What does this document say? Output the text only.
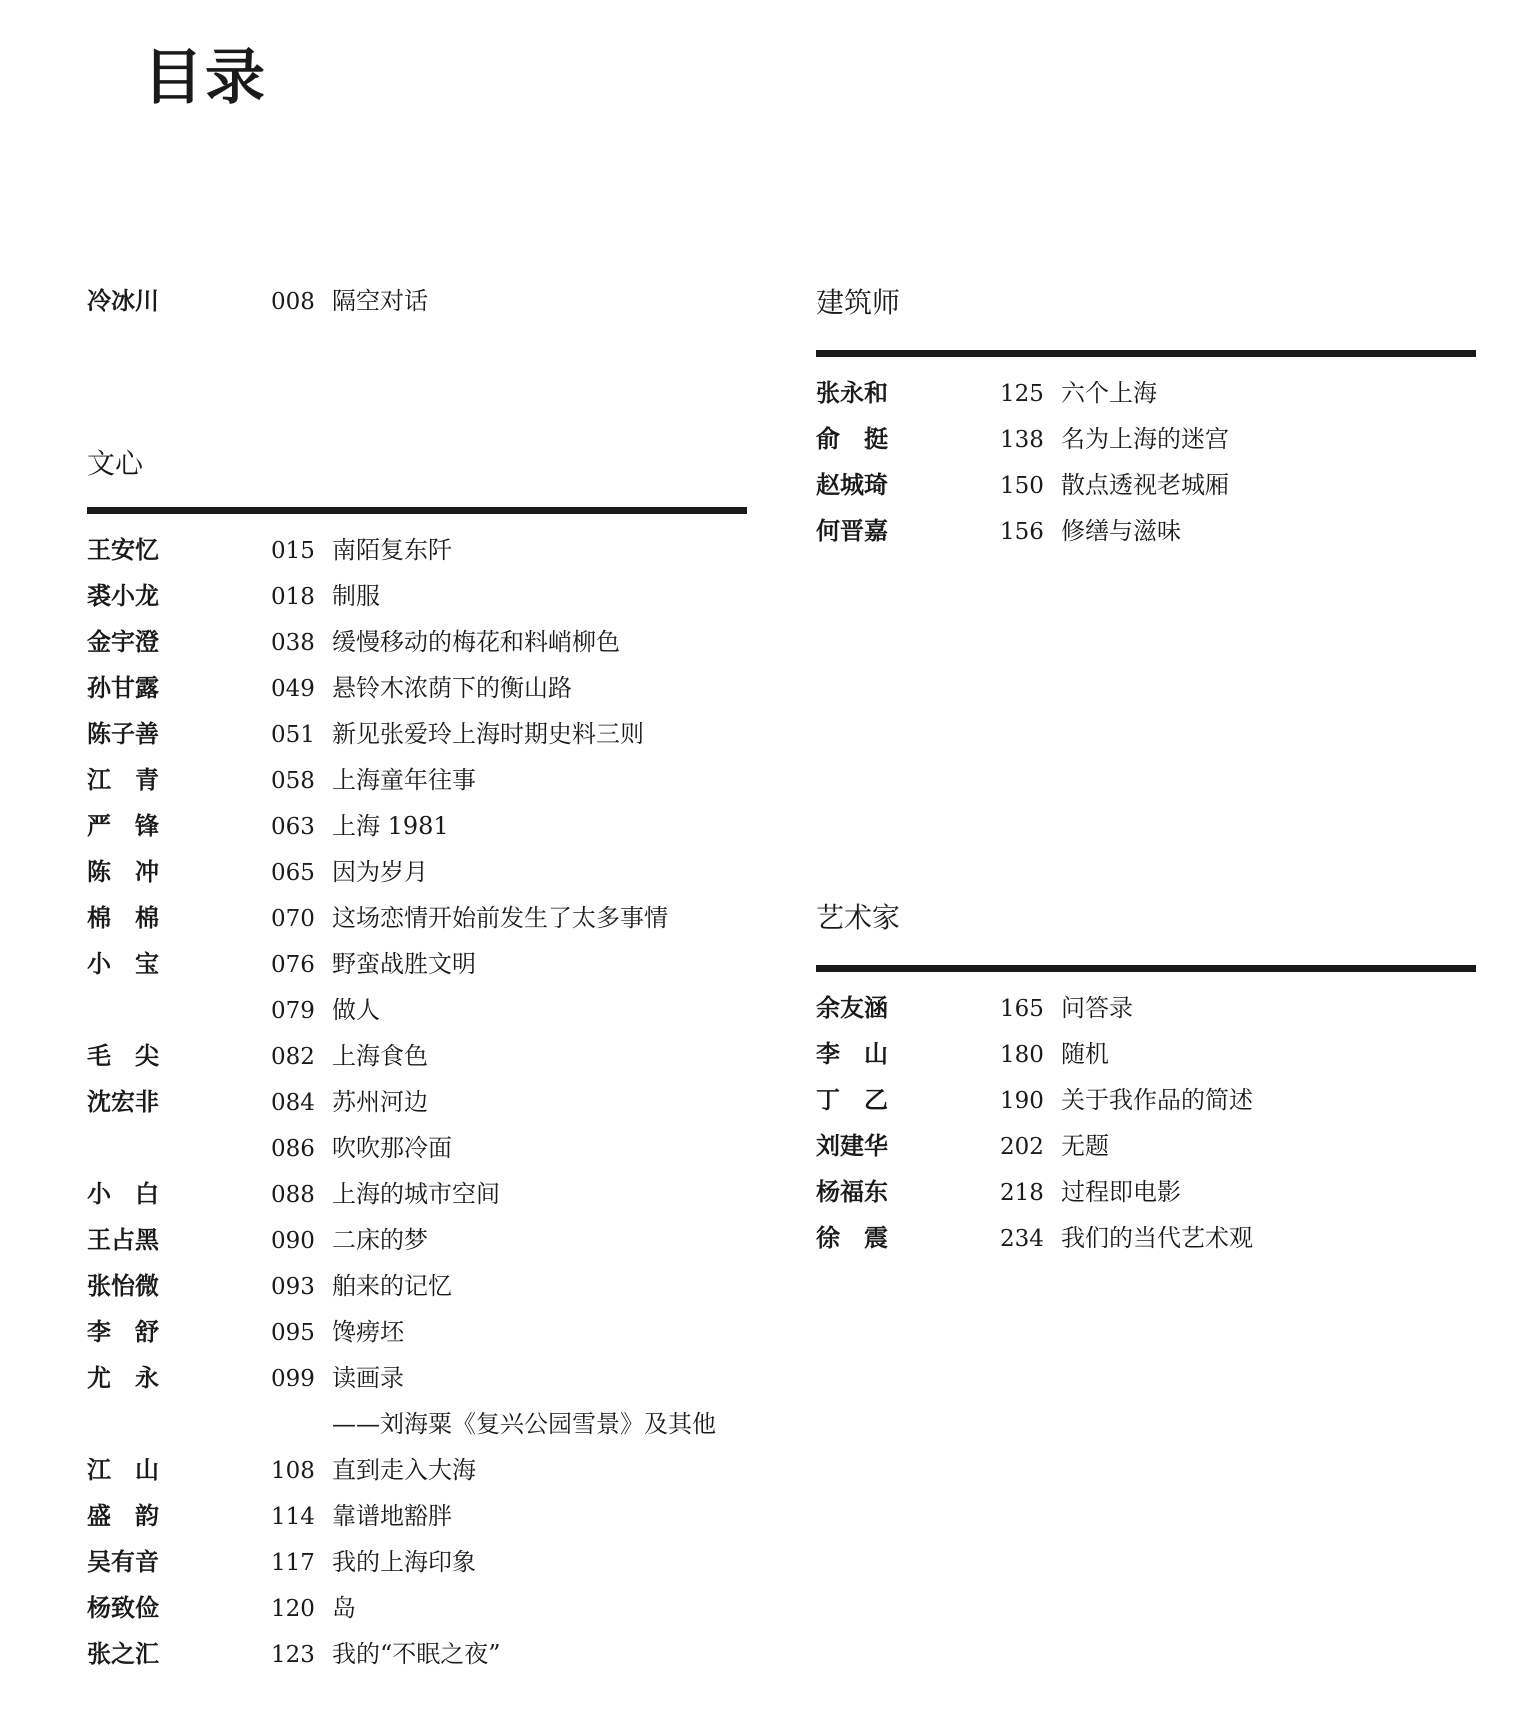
目录
冷冰川	008 隔空对话
文心
王安忆	015 南陌复东阡
裘小龙	018 制服
金宇澄	038 缓慢移动的梅花和料峭柳色
孙甘露	049 悬铃木浓荫下的衡山路
陈子善	051 新见张爱玲上海时期史料三则
江　青	058 上海童年往事
严　锋	063 上海 1981
陈　冲	065 因为岁月
棉　棉	070 这场恋情开始前发生了太多事情
小　宝	076 野蛮战胜文明
079 做人
毛　尖	082 上海食色
沈宏非	084 苏州河边
086 吹吹那冷面
小　白	088 上海的城市空间
王占黑	090 二床的梦
张怡微	093 舶来的记忆
李　舒	095 馋痨坯
尤　永	099 读画录
——刘海粟《复兴公园雪景》及其他
江　山	108 直到走入大海
盛　韵	114 靠谱地豁胖
吴有音	117 我的上海印象
杨致俭	120 岛
张之汇	123 我的“不眠之夜”
建筑师
张永和	125 六个上海
俞　挺	138 名为上海的迷宫
赵城琦	150 散点透视老城厢
何晋嘉	156 修缮与滋味
艺术家
余友涵	165 问答录
李　山	180 随机
丁　乙	190 关于我作品的简述
刘建华	202 无题
杨福东	218 过程即电影
徐　震	234 我们的当代艺术观
